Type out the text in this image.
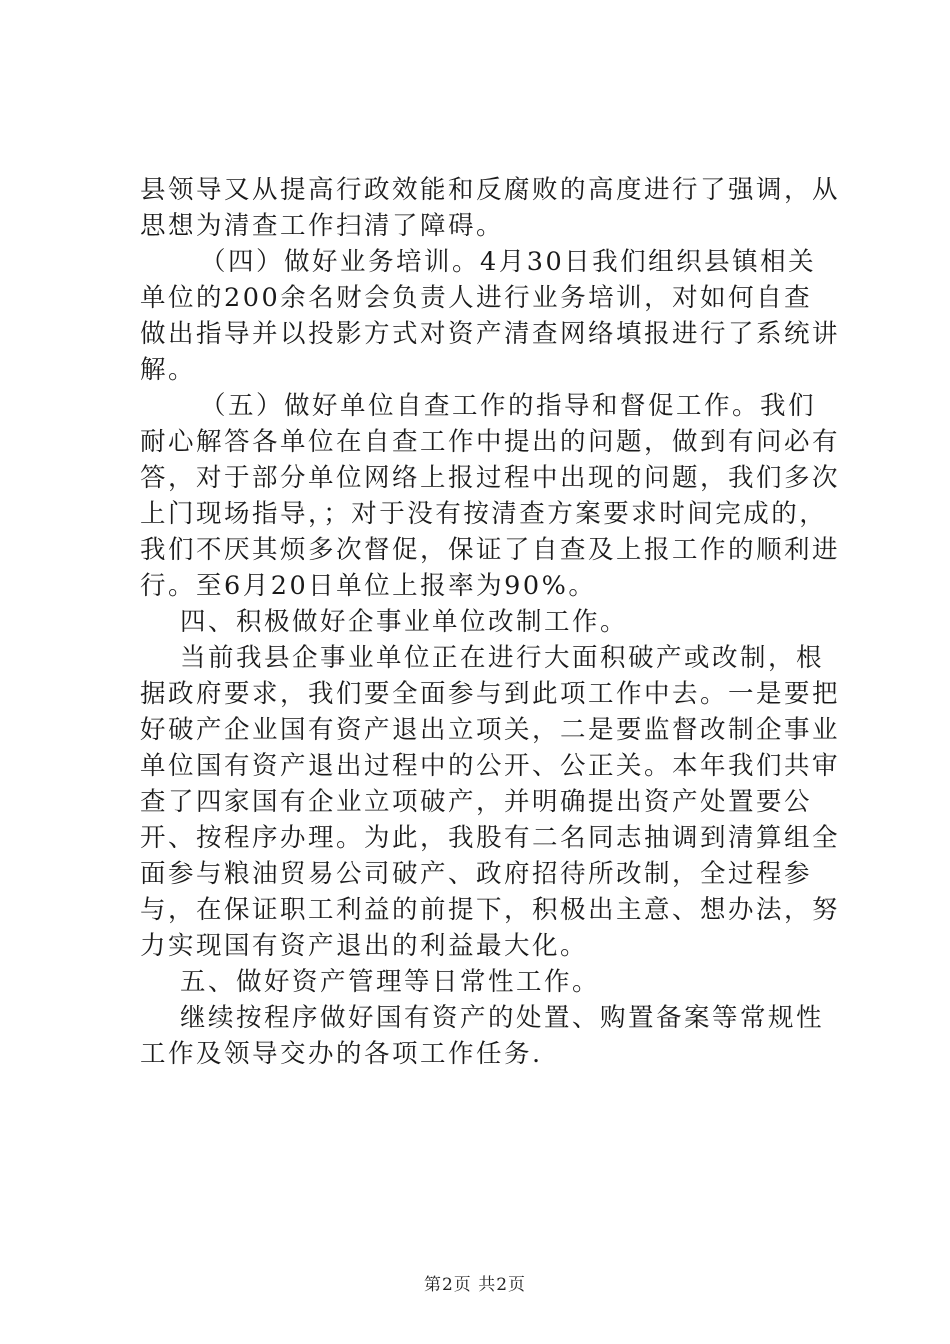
县领导又从提高行政效能和反腐败的高度进行了强调，从思想为清查工作扫清了障碍。

（四）做好业务培训。4月30日我们组织县镇相关单位的200余名财会负责人进行业务培训，对如何自查做出指导并以投影方式对资产清查网络填报进行了系统讲解。

（五）做好单位自查工作的指导和督促工作。我们耐心解答各单位在自查工作中提出的问题，做到有问必有答，对于部分单位网络上报过程中出现的问题，我们多次上门现场指导，；对于没有按清查方案要求时间完成的，我们不厌其烦多次督促，保证了自查及上报工作的顺利进行。至6月20日单位上报率为90%。

四、积极做好企事业单位改制工作。

当前我县企事业单位正在进行大面积破产或改制，根据政府要求，我们要全面参与到此项工作中去。一是要把好破产企业国有资产退出立项关，二是要监督改制企事业单位国有资产退出过程中的公开、公正关。本年我们共审查了四家国有企业立项破产，并明确提出资产处置要公开、按程序办理。为此，我股有二名同志抽调到清算组全面参与粮油贸易公司破产、政府招待所改制，全过程参与，在保证职工利益的前提下，积极出主意、想办法，努力实现国有资产退出的利益最大化。

五、做好资产管理等日常性工作。

继续按程序做好国有资产的处置、购置备案等常规性工作及领导交办的各项工作任务.

第2页 共2页
